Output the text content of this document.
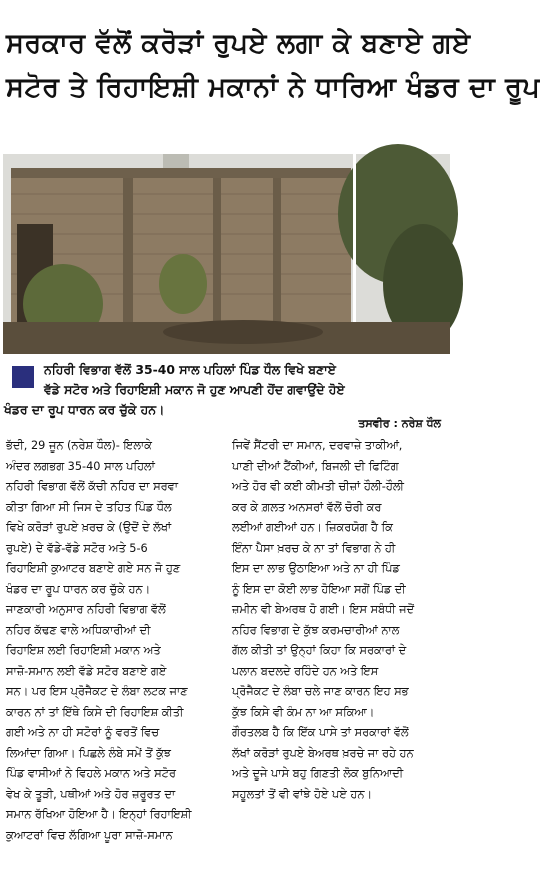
ਸਰਕਾਰ ਵੱਲੋਂ ਕਰੋੜਾਂ ਰੁਪਏ ਲਗਾ ਕੇ ਬਣਾਏ ਗਏ
ਸਟੋਰ ਤੇ ਰਿਹਾਇਸ਼ੀ ਮਕਾਨਾਂ ਨੇ ਧਾਰਿਆ ਖੰਡਰ ਦਾ ਰੂਪ
ਨਹਿਰੀ ਵਿਭਾਗ ਵੱਲੋਂ 35-40 ਸਾਲ ਪਹਿਲਾਂ ਪਿੰਡ ਧੌਲ ਵਿਖੇ ਬਣਾਏ
ਵੱਡੇ ਸਟੋਰ ਅਤੇ ਰਿਹਾਇਸ਼ੀ ਮਕਾਨ ਜੋ ਹੁਣ ਆਪਣੀ ਹੋਂਦ ਗਵਾਉਂਦੇ ਹੋਏ
ਖੰਡਰ ਦਾ ਰੂਪ ਧਾਰਨ ਕਰ ਚੁੱਕੇ ਹਨ।
ਤਸਵੀਰ : ਨਰੇਸ਼ ਧੌਲ
ਭੱਦੀ, 29 ਜੂਨ (ਨਰੇਸ਼ ਧੌਲ)- ਇਲਾਕੇ
ਅੰਦਰ ਲਗਭਗ 35-40 ਸਾਲ ਪਹਿਲਾਂ
ਨਹਿਰੀ ਵਿਭਾਗ ਵੱਲੋਂ ਕੱਚੀ ਨਹਿਰ ਦਾ ਸਰਵਾ
ਕੀਤਾ ਗਿਆ ਸੀ ਜਿਸ ਦੇ ਤਹਿਤ ਪਿੰਡ ਧੌਲ
ਵਿਖੇ ਕਰੋੜਾਂ ਰੁਪਏ ਖ਼ਰਚ ਕੇ (ਉਦੋਂ ਦੇ ਲੱਖਾਂ
ਰੁਪਏ) ਦੇ ਵੱਡੇ-ਵੱਡੇ ਸਟੋਰ ਅਤੇ 5-6
ਰਿਹਾਇਸ਼ੀ ਕੁਆਟਰ ਬਣਾਏ ਗਏ ਸਨ ਜੋ ਹੁਣ
ਖੰਡਰ ਦਾ ਰੂਪ ਧਾਰਨ ਕਰ ਚੁੱਕੇ ਹਨ।
ਜਾਣਕਾਰੀ ਅਨੁਸਾਰ ਨਹਿਰੀ ਵਿਭਾਗ ਵੱਲੋਂ
ਨਹਿਰ ਕੱਢਣ ਵਾਲੇ ਅਧਿਕਾਰੀਆਂ ਦੀ
ਰਿਹਾਇਸ਼ ਲਈ ਰਿਹਾਇਸ਼ੀ ਮਕਾਨ ਅਤੇ
ਸਾਜ਼ੋ-ਸਮਾਨ ਲਈ ਵੱਡੇ ਸਟੋਰ ਬਣਾਏ ਗਏ
ਸਨ। ਪਰ ਇਸ ਪ੍ਰੋਜੈਕਟ ਦੇ ਲੰਬਾ ਲਟਕ ਜਾਣ
ਕਾਰਨ ਨਾਂ ਤਾਂ ਇੱਥੇ ਕਿਸੇ ਦੀ ਰਿਹਾਇਸ਼ ਕੀਤੀ
ਗਈ ਅਤੇ ਨਾ ਹੀ ਸਟੋਰਾਂ ਨੂੰ ਵਰਤੋਂ ਵਿਚ
ਲਿਆਂਦਾ ਗਿਆ। ਪਿਛਲੇ ਲੰਬੇ ਸਮੇਂ ਤੋਂ ਕੁੱਝ
ਪਿੰਡ ਵਾਸੀਆਂ ਨੇ ਵਿਹਲੇ ਮਕਾਨ ਅਤੇ ਸਟੋਰ
ਵੇਖ ਕੇ ਤੂੜੀ, ਪਥੀਆਂ ਅਤੇ ਹੋਰ ਜ਼ਰੂਰਤ ਦਾ
ਸਮਾਨ ਰੱਖਿਆ ਹੋਇਆ ਹੈ। ਇਨ੍ਹਾਂ ਰਿਹਾਇਸ਼ੀ
ਕੁਆਟਰਾਂ ਵਿਚ ਲੱਗਿਆ ਪੂਰਾ ਸਾਜ਼ੋ-ਸਮਾਨ
ਜਿਵੇਂ ਸੈਂਟਰੀ ਦਾ ਸਮਾਨ, ਦਰਵਾਜ਼ੇ ਤਾਕੀਆਂ,
ਪਾਣੀ ਦੀਆਂ ਟੈਂਕੀਆਂ, ਬਿਜਲੀ ਦੀ ਫਿਟਿੰਗ
ਅਤੇ ਹੋਰ ਵੀ ਕਈ ਕੀਮਤੀ ਚੀਜ਼ਾਂ ਹੌਲੀ-ਹੌਲੀ
ਕਰ ਕੇ ਗ਼ਲਤ ਅਨਸਰਾਂ ਵੱਲੋਂ ਚੋਰੀ ਕਰ
ਲਈਆਂ ਗਈਆਂ ਹਨ। ਜ਼ਿਕਰਯੋਗ ਹੈ ਕਿ
ਇੰਨਾ ਪੈਸਾ ਖ਼ਰਚ ਕੇ ਨਾ ਤਾਂ ਵਿਭਾਗ ਨੇ ਹੀ
ਇਸ ਦਾ ਲਾਭ ਉਠਾਇਆ ਅਤੇ ਨਾ ਹੀ ਪਿੰਡ
ਨੂੰ ਇਸ ਦਾ ਕੋਈ ਲਾਭ ਹੋਇਆ ਸਗੋਂ ਪਿੰਡ ਦੀ
ਜ਼ਮੀਨ ਵੀ ਬੇਅਰਥ ਹੋ ਗਈ। ਇਸ ਸਬੰਧੀ ਜਦੋਂ
ਨਹਿਰ ਵਿਭਾਗ ਦੇ ਕੁੱਝ ਕਰਮਚਾਰੀਆਂ ਨਾਲ
ਗੱਲ ਕੀਤੀ ਤਾਂ ਉਨ੍ਹਾਂ ਕਿਹਾ ਕਿ ਸਰਕਾਰਾਂ ਦੇ
ਪਲਾਨ ਬਦਲਦੇ ਰਹਿੰਦੇ ਹਨ ਅਤੇ ਇਸ
ਪ੍ਰੋਜੈਕਟ ਦੇ ਲੰਬਾ ਚਲੇ ਜਾਣ ਕਾਰਨ ਇਹ ਸਭ
ਕੁੱਝ ਕਿਸੇ ਵੀ ਕੰਮ ਨਾ ਆ ਸਕਿਆ।
ਗੌਰਤਲਬ ਹੈ ਕਿ ਇੱਕ ਪਾਸੇ ਤਾਂ ਸਰਕਾਰਾਂ ਵੱਲੋਂ
ਲੱਖਾਂ ਕਰੋੜਾਂ ਰੁਪਏ ਬੇਅਰਥ ਖ਼ਰਚੇ ਜਾ ਰਹੇ ਹਨ
ਅਤੇ ਦੂਜੇ ਪਾਸੇ ਬਹੁ ਗਿਣਤੀ ਲੋਕ ਬੁਨਿਆਦੀ
ਸਹੂਲਤਾਂ ਤੋਂ ਵੀ ਵਾਂਝੇ ਹੋਏ ਪਏ ਹਨ।
